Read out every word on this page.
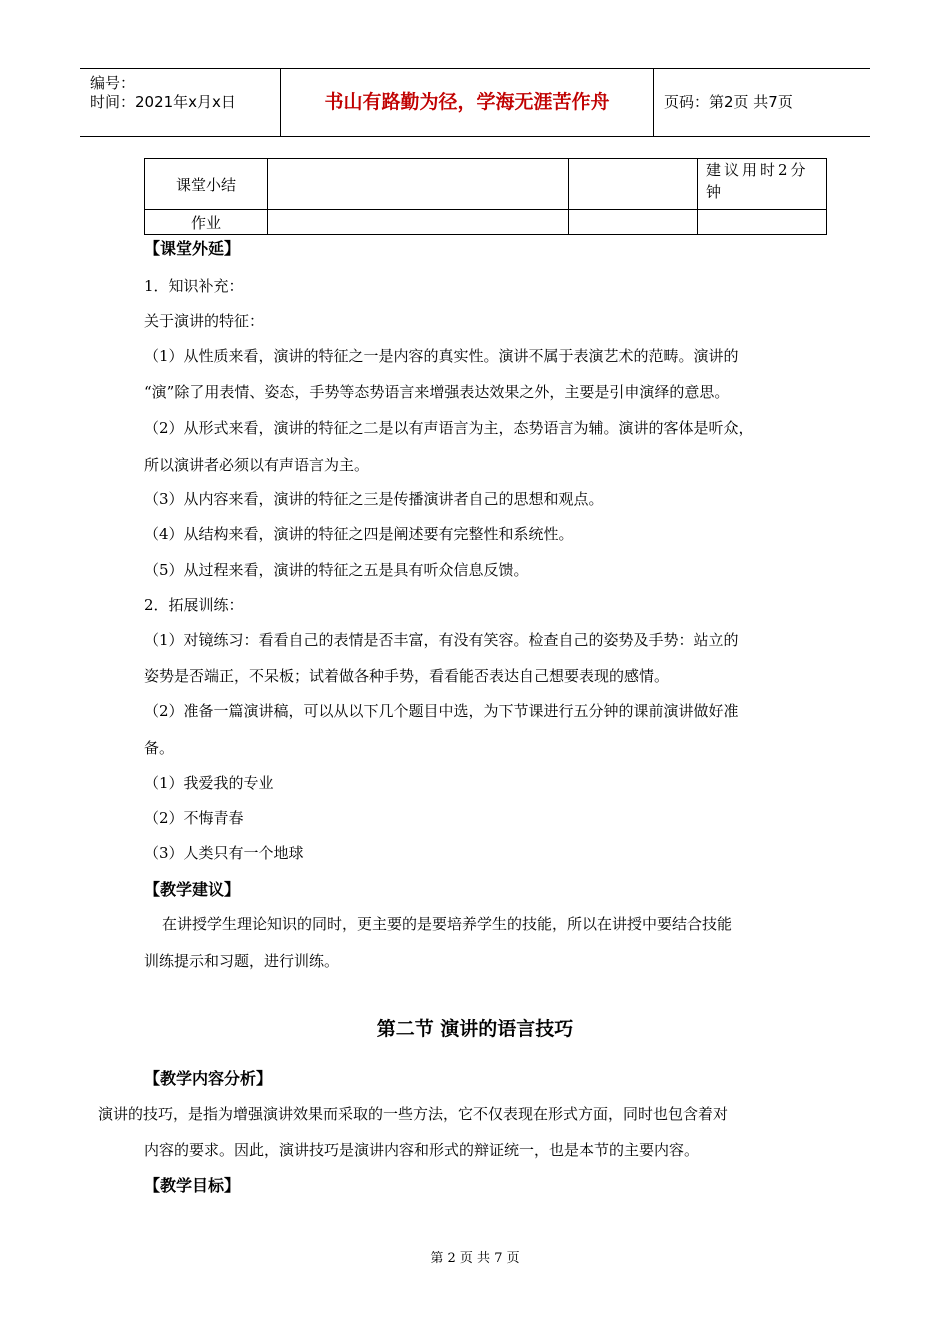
编号：
时间：2021年x月x日	书山有路勤为径，学海无涯苦作舟	页码：第2页 共7页
课堂小结			建议用时2分钟
作业			
【课堂外延】
1．知识补充：
关于演讲的特征：
（1）从性质来看，演讲的特征之一是内容的真实性。演讲不属于表演艺术的范畴。演讲的
“演”除了用表情、姿态，手势等态势语言来增强表达效果之外，主要是引申演绎的意思。
（2）从形式来看，演讲的特征之二是以有声语言为主，态势语言为辅。演讲的客体是听众，
所以演讲者必须以有声语言为主。
（3）从内容来看，演讲的特征之三是传播演讲者自己的思想和观点。
（4）从结构来看，演讲的特征之四是阐述要有完整性和系统性。
（5）从过程来看，演讲的特征之五是具有听众信息反馈。
2．拓展训练：
（1）对镜练习：看看自己的表情是否丰富，有没有笑容。检查自己的姿势及手势：站立的
姿势是否端正，不呆板；试着做各种手势，看看能否表达自己想要表现的感情。
（2）准备一篇演讲稿，可以从以下几个题目中选，为下节课进行五分钟的课前演讲做好准
备。
（1）我爱我的专业
（2）不悔青春
（3）人类只有一个地球
【教学建议】
在讲授学生理论知识的同时，更主要的是要培养学生的技能，所以在讲授中要结合技能
训练提示和习题，进行训练。
第二节 演讲的语言技巧
【教学内容分析】
演讲的技巧，是指为增强演讲效果而采取的一些方法，它不仅表现在形式方面，同时也包含着对
内容的要求。因此，演讲技巧是演讲内容和形式的辩证统一，也是本节的主要内容。
【教学目标】
第 2 页 共 7 页
